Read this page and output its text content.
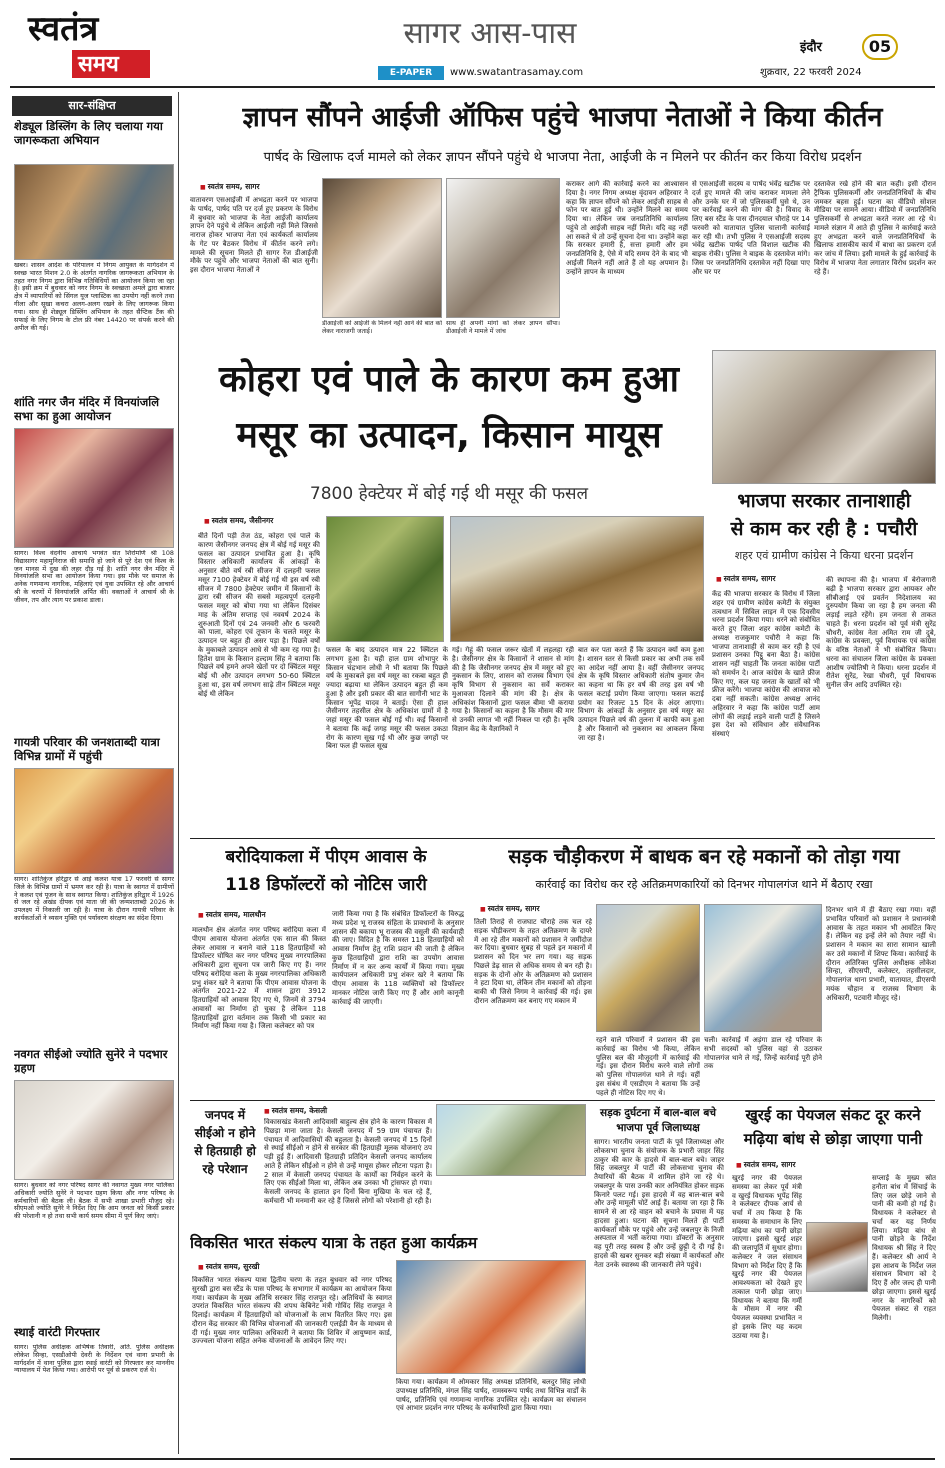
स्वतंत्र
समय
सागर आस-पास
E-PAPER	www.swatantrasamay.com
इंदौर	05
शुक्रवार, 22 फरवरी 2024
सार-संक्षिप्त
शेड्यूल डिस्लिंग के लिए चलाया गया जागरूकता अभियान
खबर। शासन आदेश के परिपालन में निगम आयुक्त के मार्गदर्शन में स्वच्छ भारत मिशन 2.0 के अंतर्गत नागरिक जागरूकता अभियान के तहत नगर निगम द्वारा विभिन्न गतिविधियों का आयोजन किया जा रहा है। इसी क्रम में बुधवार को नगर निगम के स्वच्छता अमले द्वारा बाजार क्षेत्र में व्यापारियों को सिंगल यूज प्लास्टिक का उपयोग नहीं करने तथा गीला और सूखा कचरा अलग-अलग रखने के लिए जागरूक किया गया। साथ ही शेड्यूल डिस्लिंग अभियान के तहत सैप्टिक टैंक की सफाई के लिए निगम के टोल फ्री नंबर 14420 पर संपर्क करने की अपील की गई।
शांति नगर जैन मंदिर में विनयांजलि सभा का हुआ आयोजन
सागर। विश्व वंदनीय आचार्य भगवंत संत शिरोमणि श्री 108 विद्यासागर महामुनिराज की समाधि हो जाने से पूरे देश एवं विश्व के जन मानस में दुख की लहर दौड़ गई है। शांति नगर जैन मंदिर में विनयांजलि सभा का आयोजन किया गया। इस मौके पर समाज के अनेक गणमान्य नागरिक, महिलाएं एवं युवा उपस्थित रहे और आचार्य श्री के चरणों में विनयांजलि अर्पित की। वक्ताओं ने आचार्य श्री के जीवन, तप और त्याग पर प्रकाश डाला।
गायत्री परिवार की जनशताब्दी यात्रा विभिन्न ग्रामों में पहुंची
सागर। शांतिकुंज हरिद्वार से आई कलश यात्रा 17 फरवरी से सागर जिले के विभिन्न ग्रामों में भ्रमण कर रही है। यात्रा के स्वागत में ग्रामीणों ने कलश एवं पूजन के साथ स्वागत किया। शांतिकुंज हरिद्वार में 1926 से जल रहे अखंड दीपक एवं माता जी की जन्मशताब्दी 2026 के उपलक्ष्य में निकाली जा रही है। यात्रा के दौरान गायत्री परिवार के कार्यकर्ताओं ने व्यसन मुक्ति एवं पर्यावरण संरक्षण का संदेश दिया।
नवगत सीईओ ज्योति सुनेरे ने पदभार ग्रहण
सागर। बुधवार को नगर परिषद सागर की नवागत मुख्य नगर पालिका अधिकारी ज्योति सुनेरे ने पदभार ग्रहण किया और नगर परिषद के कर्मचारियों की बैठक ली। बैठक में सभी शाखा प्रभारी मौजूद रहे। सीएमओ ज्योति सुनेरे ने निर्देश दिए कि आम जनता को किसी प्रकार की परेशानी न हो तथा सभी कार्य समय सीमा में पूर्ण किए जाएं।
स्थाई वारंटी गिरफ्तार
सागर। पुलिस अधीक्षक अभिषेक तिवारी, अति. पुलिस अधीक्षक लोकेश सिन्हा, एसडीओपी देवरी के निर्देशन एवं थाना प्रभारी के मार्गदर्शन में थाना पुलिस द्वारा स्थाई वारंटी को गिरफ्तार कर माननीय न्यायालय में पेश किया गया। आरोपी पर पूर्व से प्रकरण दर्ज थे।
ज्ञापन सौंपने आईजी ऑफिस पहुंचे भाजपा नेताओं ने किया कीर्तन
पार्षद के खिलाफ दर्ज मामले को लेकर ज्ञापन सौंपने पहुंचे थे भाजपा नेता, आईजी के न मिलने पर कीर्तन कर किया विरोध प्रदर्शन
■ स्वतंत्र समय, सागर
वातावरण एसआईजी में अभद्रता करने पर भाजपा के पार्षद, पार्षद पति पर दर्ज हुए प्रकरण के विरोध में बुधवार को भाजपा के नेता आईजी कार्यालय ज्ञापन देने पहुंचे थे लेकिन आईजी नहीं मिले जिससे नाराज होकर भाजपा नेता एवं कार्यकर्ता कार्यालय के गेट पर बैठकर विरोध में कीर्तन करने लगे। मामले की सूचना मिलते ही सागर रेंज डीआईजी मौके पर पहुंचे और भाजपा नेताओं की बात सुनी। इस दौरान भाजपा नेताओं ने
डीआईजी को आईजी के मिलने नहीं आने की बात को लेकर नाराजगी जताई।
साथ ही अपनी मांगो को लेकर ज्ञापन सौंपा। डीआईजी ने मामले में जांच
कराकर आगे की कार्रवाई करने का आश्वासन दिया है। नगर निगम अध्यक्ष वृंदावन अहिरवार ने कहा कि ज्ञापन सौंपने को लेकर आईजी साहब से फोन पर बात हुई थी। उन्होंने मिलने का समय दिया था। लेकिन जब जनप्रतिनिधि कार्यालय पहुंचे तो आईजी साहब नहीं मिले। यदि वह नहीं आ सकते थे तो उन्हें सूचना देना था। उन्होंने कहा कि सरकार हमारी है, सत्ता हमारी और हम जनप्रतिनिधि है, ऐसे में यदि समय देने के बाद भी आईजी मिलने नहीं आते हैं तो यह अपमान है। उन्होंने ज्ञापन के माध्यम
से एसआईजी सदस्य व पार्षद भंवेंद्र खटीक पर दर्ज हुए मामले की जांच कराकर मामला लेने और उनके घर में जो पुलिसकर्मी घुसे थे, उन पर कार्रवाई करने की मांग की है। विवाद के लिए बस स्टैंड के पास दीनदयाल चौराहे पर 14 फरवरी को यातायात पुलिस चालानी कार्रवाई कर रही थी। तभी पुलिस ने एसआईजी सदस्य भंवेंद्र खटीक पार्षद पति विशाल खटीक की बाइक रोकी। पुलिस ने बाइक के दस्तावेज मांगे। जिस पर जनप्रतिनिधि दस्तावेज नहीं दिखा पाए और घर पर
दस्तावेज रखे होने की बात कही। इसी दौरान ट्रैफिक पुलिसकर्मी और जनप्रतिनिधियों के बीच जमकर बहस हुई। घटना का वीडियो सोशल मीडिया पर सामने आया। वीडियो में जनप्रतिनिधि पुलिसकर्मी से अभद्रता करते नजर आ रहे थे। मामले संज्ञान में आते ही पुलिस ने कार्रवाई करते हुए अभद्रता करने वाले जनप्रतिनिधियों के खिलाफ शासकीय कार्य में बाधा का प्रकरण दर्ज कर जांच में लिया। इसी मामले के हुई कार्रवाई के विरोध में भाजपा नेता लगातार विरोध प्रदर्शन कर रहे हैं।
कोहरा एवं पाले के कारण कम हुआ मसूर का उत्पादन, किसान मायूस
7800 हेक्टेयर में बोई गई थी मसूर की फसल
■ स्वतंत्र समय, जैसीनगर
बीते दिनों पड़ी तेज ठंड, कोहरा एवं पाले के कारण जैसीनगर जनपद क्षेत्र में बोई गई मसूर की फसल का उत्पादन प्रभावित हुआ है। कृषि विस्तार अधिकारी कार्यालय के आंकड़ों के अनुसार बीते वर्ष रबी सीजन में दलहनी फसल मसूर 7100 हेक्टेयर में बोई गई थी इस वर्ष रबी सीजन में 7800 हेक्टेयर जमीन में किसानों के द्वारा रबी सीजन की सबसे महत्वपूर्ण दलहनी फसल मसूर को बोया गया था लेकिन दिसंबर माह के अंतिम सप्ताह एवं नववर्ष 2024 के शुरुआती दिनों एवं 24 जनवरी और 6 फरवरी को पाला, कोहरा एवं तूफान के चलते मसूर के उत्पादन पर बहुत ही असर पड़ा है। पिछले वर्षों के मुकाबले उत्पादन आधे से भी कम रह गया है। हितेश ग्राम के किसान हल्दाम सिंह ने बताया कि पिछले वर्ष हमने अपने खेतों पर दो क्विंटल मसूर बोई थी और उत्पादन लगभग 50-60 क्विंटल हुआ था, इस वर्ष लगभग साढ़े तीन क्विंटल मसूर बोई थी लेकिन
फसल के बाद उत्पादन मात्र 22 क्विंटल के लगभग हुआ है। यही हाल ग्राम शोभापुर के किसान चंद्रभान लोधी ने भी बताया कि पिछले वर्ष के मुकाबले इस वर्ष मसूर का रकबा बहुत ही ज्यादा बढ़ाया था लेकिन उत्पादन बहुत ही कम हुआ है और इसी प्रकार की बात सागौनी भाट के किसान भूपेंद्र यादव ने बताई। ऐसा ही हाल जैसीनगर तहसील क्षेत्र के अधिकांश ग्रामों में है जहां मसूर की फसल बोई गई थी। कई किसानों ने बताया कि कई जगह मसूर की फसल उकठा रोग के कारण सूख गई थी और कुछ जगहों पर बिना फल ही फसल सूख
गई। गेहूं की फसल जरूर खेतों में लहलहा रही है। जैसीनगर क्षेत्र के किसानों ने शासन से मांग की है कि जैसीनगर जनपद क्षेत्र में मसूर को हुए नुकसान के लिए, शासन को राजस्व विभाग एवं कृषि विभाग से नुकसान का सर्वे कराकर मुआवजा दिलाने की मांग की है। क्षेत्र के अधिकांश किसानों द्वारा फसल बीमा भी कराया गया है। किसानों का कहना है कि मौसम की मार से उनकी लागत भी नहीं निकल पा रही है। कृषि विज्ञान केंद्र के वैज्ञानिकों ने
बात कर पता करते हैं कि उत्पादन क्यों कम हुआ है। शासन स्तर से किसी प्रकार का अभी तक सर्वे का आदेश नहीं आया है। वहीं जैसीनगर जनपद क्षेत्र के कृषि विस्तार अधिकारी संतोष कुमार जैन का कहना था कि हर वर्ष की तरह इस वर्ष भी फसल कटाई प्रयोग किया जाएगा। फसल कटाई प्रयोग का रिजल्ट 15 दिन के अंदर आएगा। विभाग के आंकड़ों के अनुसार इस वर्ष मसूर का उत्पादन पिछले वर्ष की तुलना में काफी कम हुआ है और किसानों को नुकसान का आकलन किया जा रहा है।
भाजपा सरकार तानाशाही
से काम कर रही है : पचौरी
शहर एवं ग्रामीण कांग्रेस ने किया धरना प्रदर्शन
■ स्वतंत्र समय, सागर
केंद्र की भाजपा सरकार के विरोध में जिला शहर एवं ग्रामीण कांग्रेस कमेटी के संयुक्त तत्वधान में सिविल लाइन में एक दिवसीय धरना प्रदर्शन किया गया। धरने को संबोधित करते हुए जिला शहर कांग्रेस कमेटी के अध्यक्ष राजकुमार पचौरी ने कहा कि भाजपा तानाशाही से काम कर रही है एवं प्रशासन उनका पिट्ठू बना बैठा है। कांग्रेस शासन नहीं चाहती कि जनता कांग्रेस पार्टी को समर्थन दे। आज कांग्रेस के खाते फ्रीज किए गए, कल यह जनता के खातों को भी फ्रीज करेंगे। भाजपा कांग्रेस की आवाज को दबा नहीं सकती। कांग्रेस अध्यक्ष आनंद अहिरवार ने कहा कि कांग्रेस पार्टी आम लोगों की लड़ाई लड़ने वाली पार्टी है जिसने इस देश को संविधान और संवैधानिक संस्थाएं
की स्थापना की है। भाजपा में बेरोजगारी बढ़ी है भाजपा सरकार द्वारा आयकर और सीबीआई एवं प्रवर्तन निदेशालय का दुरुपयोग किया जा रहा है हम जनता की लड़ाई लड़ते रहेंगे। हम जनता से ताकत चाहते हैं। धरना प्रदर्शन को पूर्व मंत्री सुरेंद्र चौधरी, कांग्रेस नेता अमित राम जी दुबे, कांग्रेस के प्रवक्ता, पूर्व विधायक एवं कांग्रेस के वरिष्ठ नेताओं ने भी संबोधित किया। धरना का संचालन जिला कांग्रेस के प्रवक्ता आशीष ज्योतिषी ने किया। धरना प्रदर्शन में रीतेश सुरेंद्र, रेखा चौधरी, पूर्व विधायक सुनील जैन आदि उपस्थित रहे।
बरोदियाकला में पीएम आवास के
118 डिफॉल्टरों को नोटिस जारी
■ स्वतंत्र समय, मालथौन
मालथौन क्षेत्र अंतर्गत नगर परिषद बरोदिया कला में पीएम आवास योजना अंतर्गत एक साल की किस्त लेकर आवास न बनाने वाले 118 हितग्राहियों को डिफॉल्टर घोषित कर नगर परिषद मुख्य नगरपालिका अधिकारी द्वारा सूचना पत्र जारी किए गए हैं। नगर परिषद बरोदिया कला के मुख्य नगरपालिका अधिकारी प्रभु शंकर खरे ने बताया कि पीएम आवास योजना के अंतर्गत 2021-22 में शासन द्वारा 3912 हितग्राहियों को आवास दिए गए थे, जिनमें से 3794 आवासों का निर्माण हो चुका है लेकिन 118 हितग्राहियों द्वारा वर्तमान तक किसी भी प्रकार का निर्माण नहीं किया गया है। जिला कलेक्टर को पत्र
जारी किया गया है कि संबंधित डिफॉल्टरों के विरुद्ध मध्य प्रदेश भू राजस्व संहिता के प्रावधानों के अनुसार शासन की बकाया भू राजस्व की वसूली की कार्यवाही की जाए। विदित है कि समस्त 118 हितग्राहियों को आवास निर्माण हेतु राशि प्रदान की जाती है लेकिन कुछ हितग्राहियों द्वारा राशि का उपयोग आवास निर्माण में न कर अन्य कार्यों में किया गया। मुख्य कार्यपालन अधिकारी प्रभु शंकर खरे ने बताया कि पीएम आवास के 118 व्यक्तियों को डिफॉल्टर मानकर नोटिस जारी किए गए हैं और आगे कानूनी कार्रवाई की जाएगी।
सड़क चौड़ीकरण में बाधक बन रहे मकानों को तोड़ा गया
कार्रवाई का विरोध कर रहे अतिक्रमणकारियों को दिनभर गोपालगंज थाने में बैठाए रखा
■ स्वतंत्र समय, सागर
तिली तिराहे से राजघाट चौराहे तक चल रहे सड़क चौड़ीकरण के तहत अतिक्रमण के दायरे में आ रहे तीन मकानों को प्रशासन ने जमींदोज कर दिया। बुधवार सुबह से पहले इन मकानों में प्रशासन को दिन भर लग गया। यह सड़क पिछले डेढ़ साल से अधिक समय से बन रही है। सड़क के दोनों ओर के अतिक्रमण को प्रशासन ने हटा दिया था, लेकिन तीन मकानों को तोड़ना बाकी थी जिसे निगम ने कार्रवाई की गई। इस दौरान अतिक्रमण कर बनाए गए मकान में
रहने वाले परिवारों ने प्रशासन की इस कार्रवाई का विरोध भी किया, लेकिन पुलिस बल की मौजूदगी में कार्रवाई की गई। इस दौरान विरोध करने वाले लोगों को पुलिस गोपालगंज थाने ले गई। वहीं इस संबंध में एसडीएम ने बताया कि उन्हें पहले ही नोटिस दिए गए थे।
चली। कार्रवाई में अड़ंगा डाल रहे परिवार के सभी सदस्यों को पुलिस वहां से उठाकर गोपालगंज थाने ले गई, जिन्हें कार्रवाई पूरी होने तक
दिनभर थाने में ही बैठाए रखा गया। वहीं प्रभावित परिवारों को प्रशासन ने प्रधानमंत्री आवास के तहत मकान भी आवंटित किए हैं। लेकिन वह इन्हें लेने को तैयार नहीं थे। प्रशासन ने मकान का सारा सामान खाली कर उसे मकानों में शिफ्ट किया। कार्रवाई के दौरान अतिरिक्त पुलिस अधीक्षक लोकेश सिन्हा, सीएसपी, कलेक्टर, तहसीलदार, गोपालगंज थाना प्रभारी, यातायात, डीएसपी मयंक चौहान व राजस्व विभाग के अधिकारी, पटवारी मौजूद रहे।
जनपद में सीईओ न होने से हितग्राही हो रहे परेशान
■ स्वतंत्र समय, केसली
विकासखंड केसली आदिवासी बाहुल्य क्षेत्र होने के कारण विकास में पिछड़ा माना जाता है। केसली जनपद में 59 ग्राम पंचायत हैं। पंचायत में आदिवासियों की बहुलता है। केसली जनपद में 15 दिनों से स्थाई सीईओ न होने से सरकार की हितग्राही मूलक योजनाएं ठप पड़ी हुई हैं। आदिवासी हितग्राही प्रतिदिन केसली जनपद कार्यालय आते हैं लेकिन सीईओ न होने से उन्हें मायूस होकर लौटना पड़ता है। 2 साल में केसली जनपद पंचायत के कार्यों का निर्वहन करने के लिए एक सीईओ मिला था, लेकिन अब उनका भी ट्रांसफर हो गया। केसली जनपद के हालात इन दिनों बिना मुखिया के चल रहे हैं, कर्मचारी भी मनमानी कर रहे हैं जिससे लोगों को परेशानी हो रही है।
सड़क दुर्घटना में बाल-बाल बचे भाजपा पूर्व जिलाध्यक्ष
सागर। भारतीय जनता पार्टी के पूर्व जिलाध्यक्ष और लोकसभा चुनाव के संयोजक के प्रभारी जाहर सिंह ठाकुर की कार के हादसे में बाल-बाल बचे। जाहर सिंह जबलपुर में पार्टी की लोकसभा चुनाव की तैयारियों की बैठक में शामिल होने जा रहे थे। जबलपुर के पास उनकी कार अनियंत्रित होकर सड़क किनारे पलट गई। इस हादसे में वह बाल-बाल बचे और उन्हें मामूली चोटें आई हैं। बताया जा रहा है कि सामने से आ रहे वाहन को बचाने के प्रयास में यह हादसा हुआ। घटना की सूचना मिलते ही पार्टी कार्यकर्ता मौके पर पहुंचे और उन्हें जबलपुर के निजी अस्पताल में भर्ती कराया गया। डॉक्टरों के अनुसार वह पूरी तरह स्वस्थ हैं और उन्हें छुट्टी दे दी गई है। हादसे की खबर सुनकर बड़ी संख्या में कार्यकर्ता और नेता उनके स्वास्थ्य की जानकारी लेने पहुंचे।
खुरई का पेयजल संकट दूर करने
मढ़िया बांध से छोड़ा जाएगा पानी
■ स्वतंत्र समय, सागर
खुरई नगर की पेयजल समस्या का लेकर पूर्व मंत्री व खुरई विधायक भूपेंद्र सिंह ने कलेक्टर दीपक आर्य से चर्चा में तय किया है कि समस्या के समाधान के लिए मढ़िया बांध का पानी छोड़ा जाएगा। इससे खुरई शहर की जलापूर्ति में सुधार होगा। कलेक्टर ने जल संसाधन विभाग को निर्देश दिए हैं कि खुरई नगर की पेयजल आवश्यकता को देखते हुए तत्काल पानी छोड़ा जाए। विधायक ने बताया कि गर्मी के मौसम में नगर की पेयजल व्यवस्था प्रभावित न हो इसके लिए यह कदम उठाया गया है।
सप्लाई के मुख्य स्रोत हनौता बांध में सिंचाई के लिए जल छोड़े जाने से पानी की कमी हो गई है। विधायक ने कलेक्टर से चर्चा कर यह निर्णय लिया। मढ़िया बांध से पानी छोड़ने के निर्देश विधायक श्री सिंह ने दिए हैं। कलेक्टर श्री आर्य ने इस आशय के निर्देश जल संसाधन विभाग को दे दिए हैं और जल्द ही पानी छोड़ा जाएगा। इससे खुरई नगर के नागरिकों को पेयजल संकट से राहत मिलेगी।
विकसित भारत संकल्प यात्रा के तहत हुआ कार्यक्रम
■ स्वतंत्र समय, सुरखी
विकसित भारत संकल्प यात्रा द्वितीय चरण के तहत बुधवार को नगर परिषद सुरखी द्वारा बस स्टैंड के पास परिषद के सभागार में कार्यक्रम का आयोजन किया गया। कार्यक्रम के मुख्य अतिथि सरकार सिंह राजपूत रहे। अतिथियों के स्वागत उपरांत विकसित भारत संकल्प की शपथ केबिनेट मंत्री गोविंद सिंह राजपूत ने दिलाई। कार्यक्रम में हितग्राहियों को योजनाओं के लाभ वितरित किए गए। इस दौरान केंद्र सरकार की विभिन्न योजनाओं की जानकारी एलईडी वैन के माध्यम से दी गई। मुख्य नगर पालिका अधिकारी ने बताया कि शिविर में आयुष्मान कार्ड, उज्ज्वला योजना सहित अनेक योजनाओं के आवेदन लिए गए।
किया गया। कार्यक्रम में ओमकार सिंह अध्यक्ष प्रतिनिधि, बलदुर सिंह लोधी उपाध्यक्ष प्रतिनिधि, मंगल सिंह पार्षद, रामस्वरूप पार्षद तथा विभिन्न वार्डों के पार्षद, प्रतिनिधि एवं गणमान्य नागरिक उपस्थित रहे। कार्यक्रम का संचालन एवं आभार प्रदर्शन नगर परिषद के कर्मचारियों द्वारा किया गया।
